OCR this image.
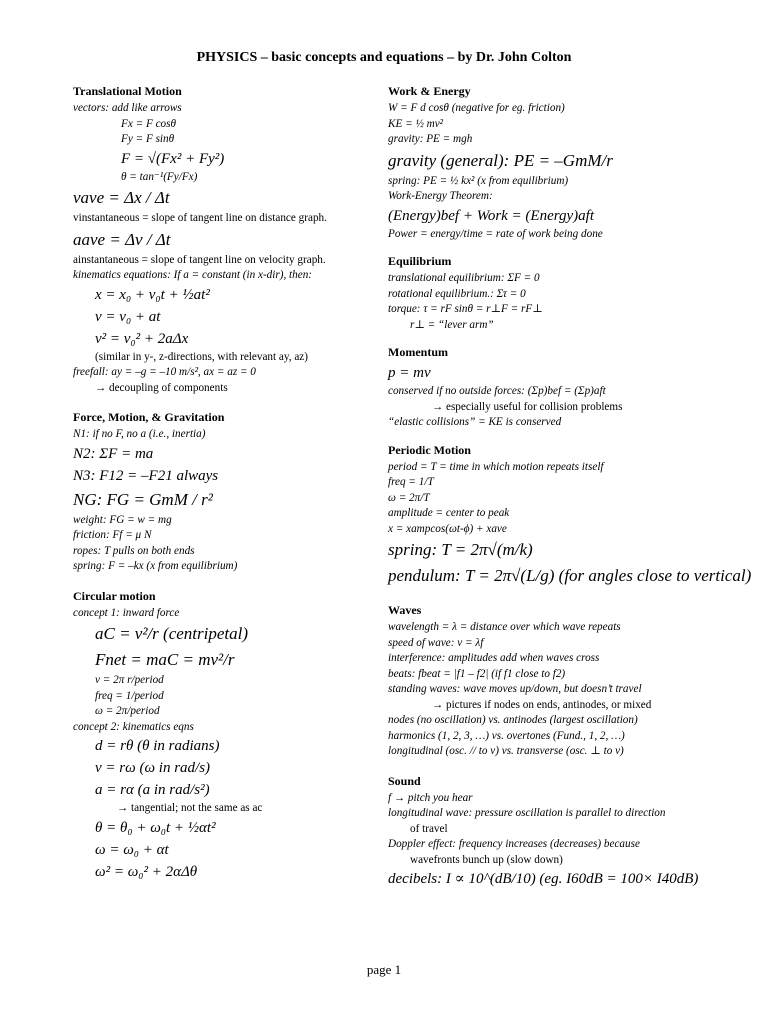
PHYSICS – basic concepts and equations – by Dr. John Colton
Translational Motion
vectors: add like arrows
Fx = F cosθ
Fy = F sinθ
F = √(Fx² + Fy²)
θ = tan⁻¹(Fy/Fx)
vave = Δx / Δt
vinstantaneous = slope of tangent line on distance graph.
aave = Δv / Δt
ainstantaneous = slope of tangent line on velocity graph.
kinematics equations: If a = constant (in x-dir), then:
x = x₀ + v₀t + ½at²
v = v₀ + at
v² = v₀² + 2aΔx
(similar in y-, z-directions, with relevant ay, az)
freefall: ay = –g = –10 m/s², ax = az = 0
→ decoupling of components
Force, Motion, & Gravitation
N1: if no F, no a (i.e., inertia)
N2: ΣF = ma
N3: F12 = –F21 always
NG: FG = GmM / r²
weight: FG = w = mg
friction: Ff = μ N
ropes: T pulls on both ends
spring: F = –kx (x from equilibrium)
Circular motion
concept 1: inward force
aC = v²/r (centripetal)
Fnet = maC = mv²/r
v = 2π r/period
freq = 1/period
ω = 2π/period
concept 2: kinematics eqns
d = rθ (θ in radians)
v = rω (ω in rad/s)
a = rα (a in rad/s²)
→ tangential; not the same as ac
θ = θ₀ + ω₀t + ½αt²
ω = ω₀ + αt
ω² = ω₀² + 2αΔθ
Work & Energy
W = F d cosθ (negative for eg. friction)
KE = ½ mv²
gravity: PE = mgh
gravity (general): PE = –GmM/r
spring: PE = ½ kx² (x from equilibrium)
Work-Energy Theorem:
(Energy)bef + Work = (Energy)aft
Power = energy/time = rate of work being done
Equilibrium
translational equilibrium: ΣF = 0
rotational equilibrium.: Στ = 0
torque: τ = rF sinθ = r⊥F = rF⊥
r⊥ = “lever arm”
Momentum
p = mv
conserved if no outside forces: (Σp)bef = (Σp)aft
→ especially useful for collision problems
“elastic collisions” = KE is conserved
Periodic Motion
period = T = time in which motion repeats itself
freq = 1/T
ω = 2π/T
amplitude = center to peak
x = xampcos(ωt-ϕ) + xave
spring: T = 2π√(m/k)
pendulum: T = 2π√(L/g) (for angles close to vertical)
Waves
wavelength = λ = distance over which wave repeats
speed of wave: v = λf
interference: amplitudes add when waves cross
beats: fbeat = |f1 – f2| (if f1 close to f2)
standing waves: wave moves up/down, but doesn’t travel
→ pictures if nodes on ends, antinodes, or mixed
nodes (no oscillation) vs. antinodes (largest oscillation)
harmonics (1, 2, 3, …) vs. overtones (Fund., 1, 2, …)
longitudinal (osc. // to v) vs. transverse (osc. ⊥ to v)
Sound
f → pitch you hear
longitudinal wave: pressure oscillation is parallel to direction
of travel
Doppler effect: frequency increases (decreases) because
wavefronts bunch up (slow down)
decibels: I ∝ 10^(dB/10) (eg. I60dB = 100× I40dB)
page 1
